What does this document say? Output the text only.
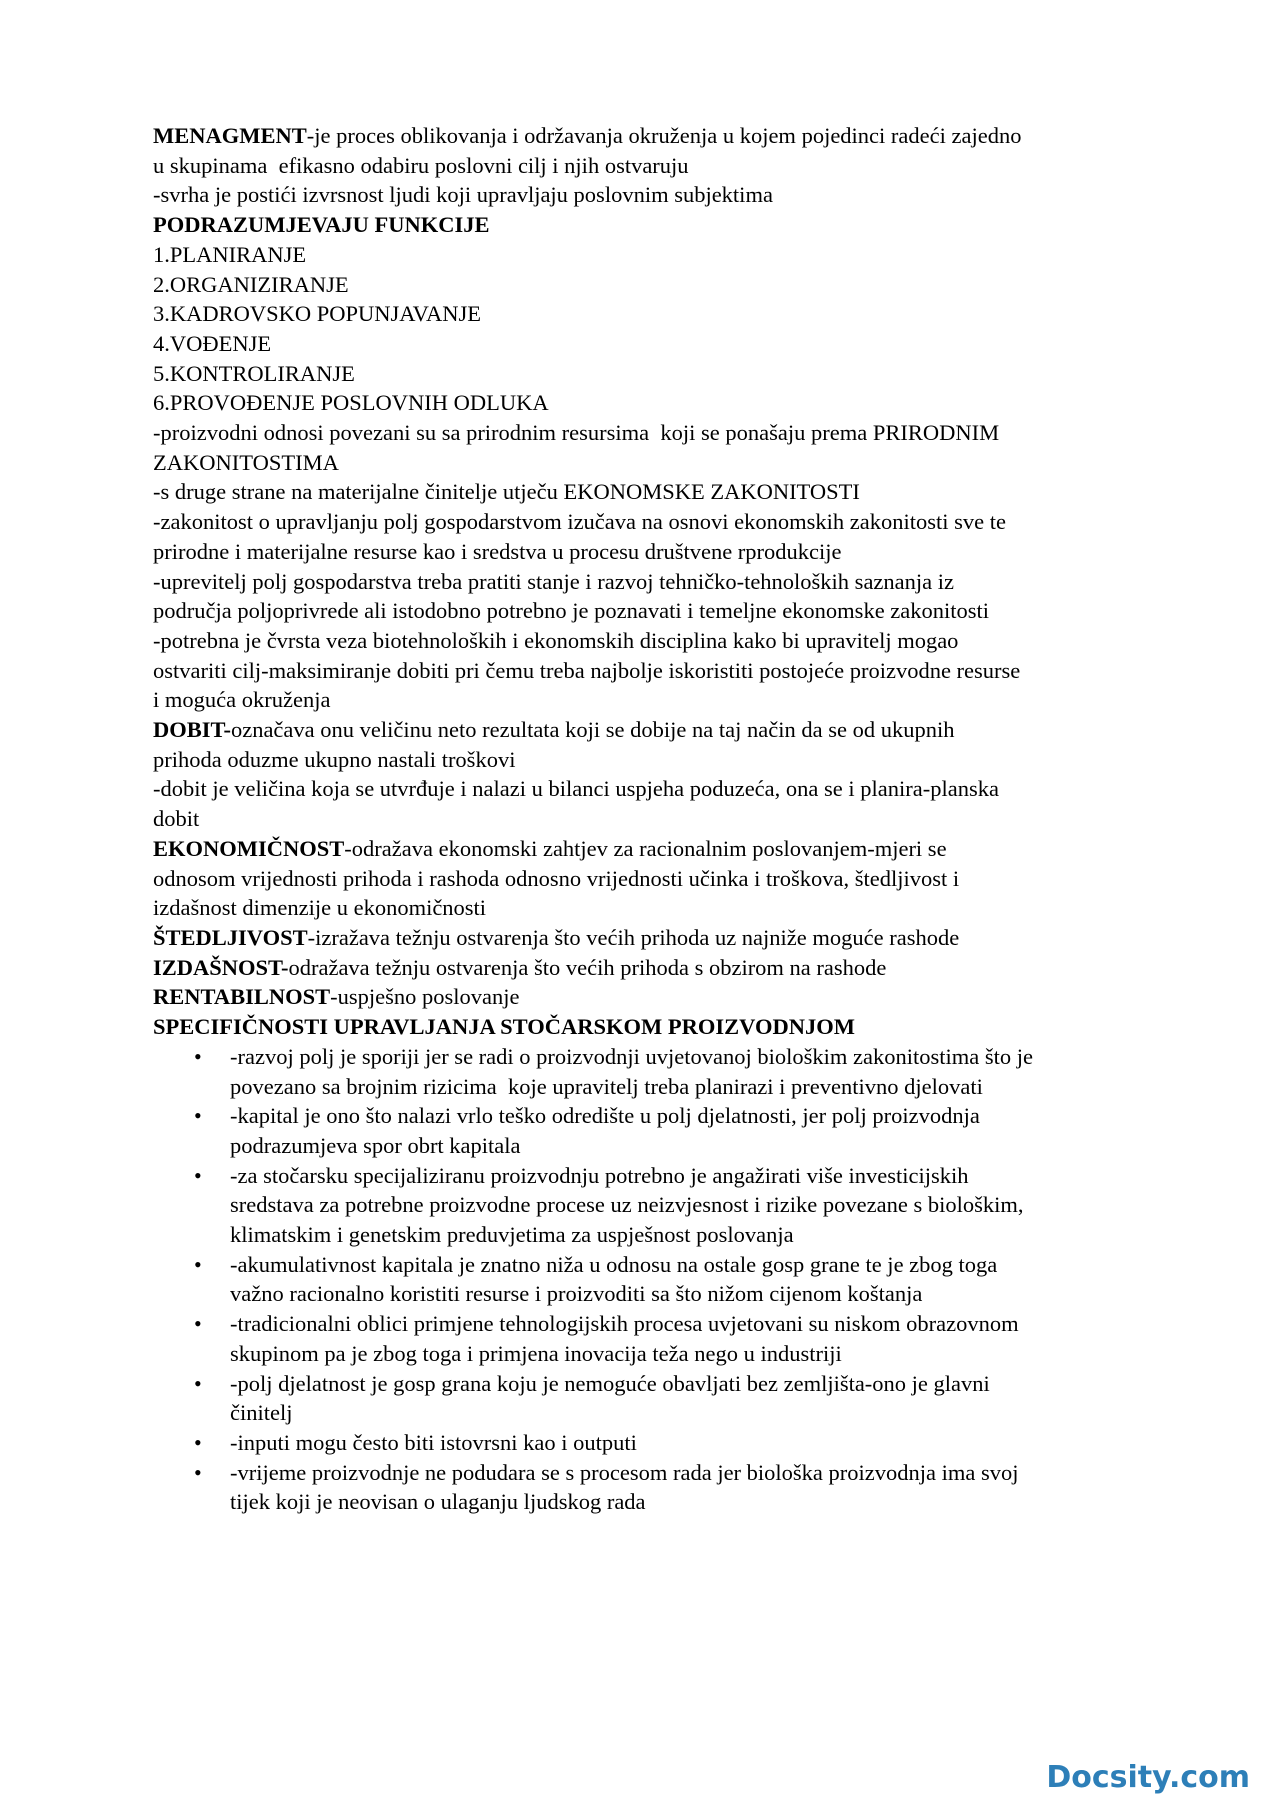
MENAGMENT-je proces oblikovanja i održavanja okruženja u kojem pojedinci radeći zajedno
u skupinama  efikasno odabiru poslovni cilj i njih ostvaruju
-svrha je postići izvrsnost ljudi koji upravljaju poslovnim subjektima
PODRAZUMJEVAJU FUNKCIJE
1.PLANIRANJE
2.ORGANIZIRANJE
3.KADROVSKO POPUNJAVANJE
4.VOĐENJE
5.KONTROLIRANJE
6.PROVOĐENJE POSLOVNIH ODLUKA
-proizvodni odnosi povezani su sa prirodnim resursima  koji se ponašaju prema PRIRODNIM
ZAKONITOSTIMA
-s druge strane na materijalne činitelje utječu EKONOMSKE ZAKONITOSTI
-zakonitost o upravljanju polj gospodarstvom izučava na osnovi ekonomskih zakonitosti sve te
prirodne i materijalne resurse kao i sredstva u procesu društvene rprodukcije
-uprevitelj polj gospodarstva treba pratiti stanje i razvoj tehničko-tehnoloških saznanja iz
područja poljoprivrede ali istodobno potrebno je poznavati i temeljne ekonomske zakonitosti
-potrebna je čvrsta veza biotehnoloških i ekonomskih disciplina kako bi upravitelj mogao
ostvariti cilj-maksimiranje dobiti pri čemu treba najbolje iskoristiti postojeće proizvodne resurse
i moguća okruženja
DOBIT-označava onu veličinu neto rezultata koji se dobije na taj način da se od ukupnih
prihoda oduzme ukupno nastali troškovi
-dobit je veličina koja se utvrđuje i nalazi u bilanci uspjeha poduzeća, ona se i planira-planska
dobit
EKONOMIČNOST-odražava ekonomski zahtjev za racionalnim poslovanjem-mjeri se
odnosom vrijednosti prihoda i rashoda odnosno vrijednosti učinka i troškova, štedljivost i
izdašnost dimenzije u ekonomičnosti
ŠTEDLJIVOST-izražava težnju ostvarenja što većih prihoda uz najniže moguće rashode
IZDAŠNOST-odražava težnju ostvarenja što većih prihoda s obzirom na rashode
RENTABILNOST-uspješno poslovanje
SPECIFIČNOSTI UPRAVLJANJA STOČARSKOM PROIZVODNJOM
• -razvoj polj je sporiji jer se radi o proizvodnji uvjetovanoj biološkim zakonitostima što je
povezano sa brojnim rizicima  koje upravitelj treba planirazi i preventivno djelovati
• -kapital je ono što nalazi vrlo teško odredište u polj djelatnosti, jer polj proizvodnja
podrazumjeva spor obrt kapitala
• -za stočarsku specijaliziranu proizvodnju potrebno je angažirati više investicijskih
sredstava za potrebne proizvodne procese uz neizvjesnost i rizike povezane s biološkim,
klimatskim i genetskim preduvjetima za uspješnost poslovanja
• -akumulativnost kapitala je znatno niža u odnosu na ostale gosp grane te je zbog toga
važno racionalno koristiti resurse i proizvoditi sa što nižom cijenom koštanja
• -tradicionalni oblici primjene tehnologijskih procesa uvjetovani su niskom obrazovnom
skupinom pa je zbog toga i primjena inovacija teža nego u industriji
• -polj djelatnost je gosp grana koju je nemoguće obavljati bez zemljišta-ono je glavni
činitelj
• -inputi mogu često biti istovrsni kao i outputi
• -vrijeme proizvodnje ne podudara se s procesom rada jer biološka proizvodnja ima svoj
tijek koji je neovisan o ulaganju ljudskog rada
Docsity.com
